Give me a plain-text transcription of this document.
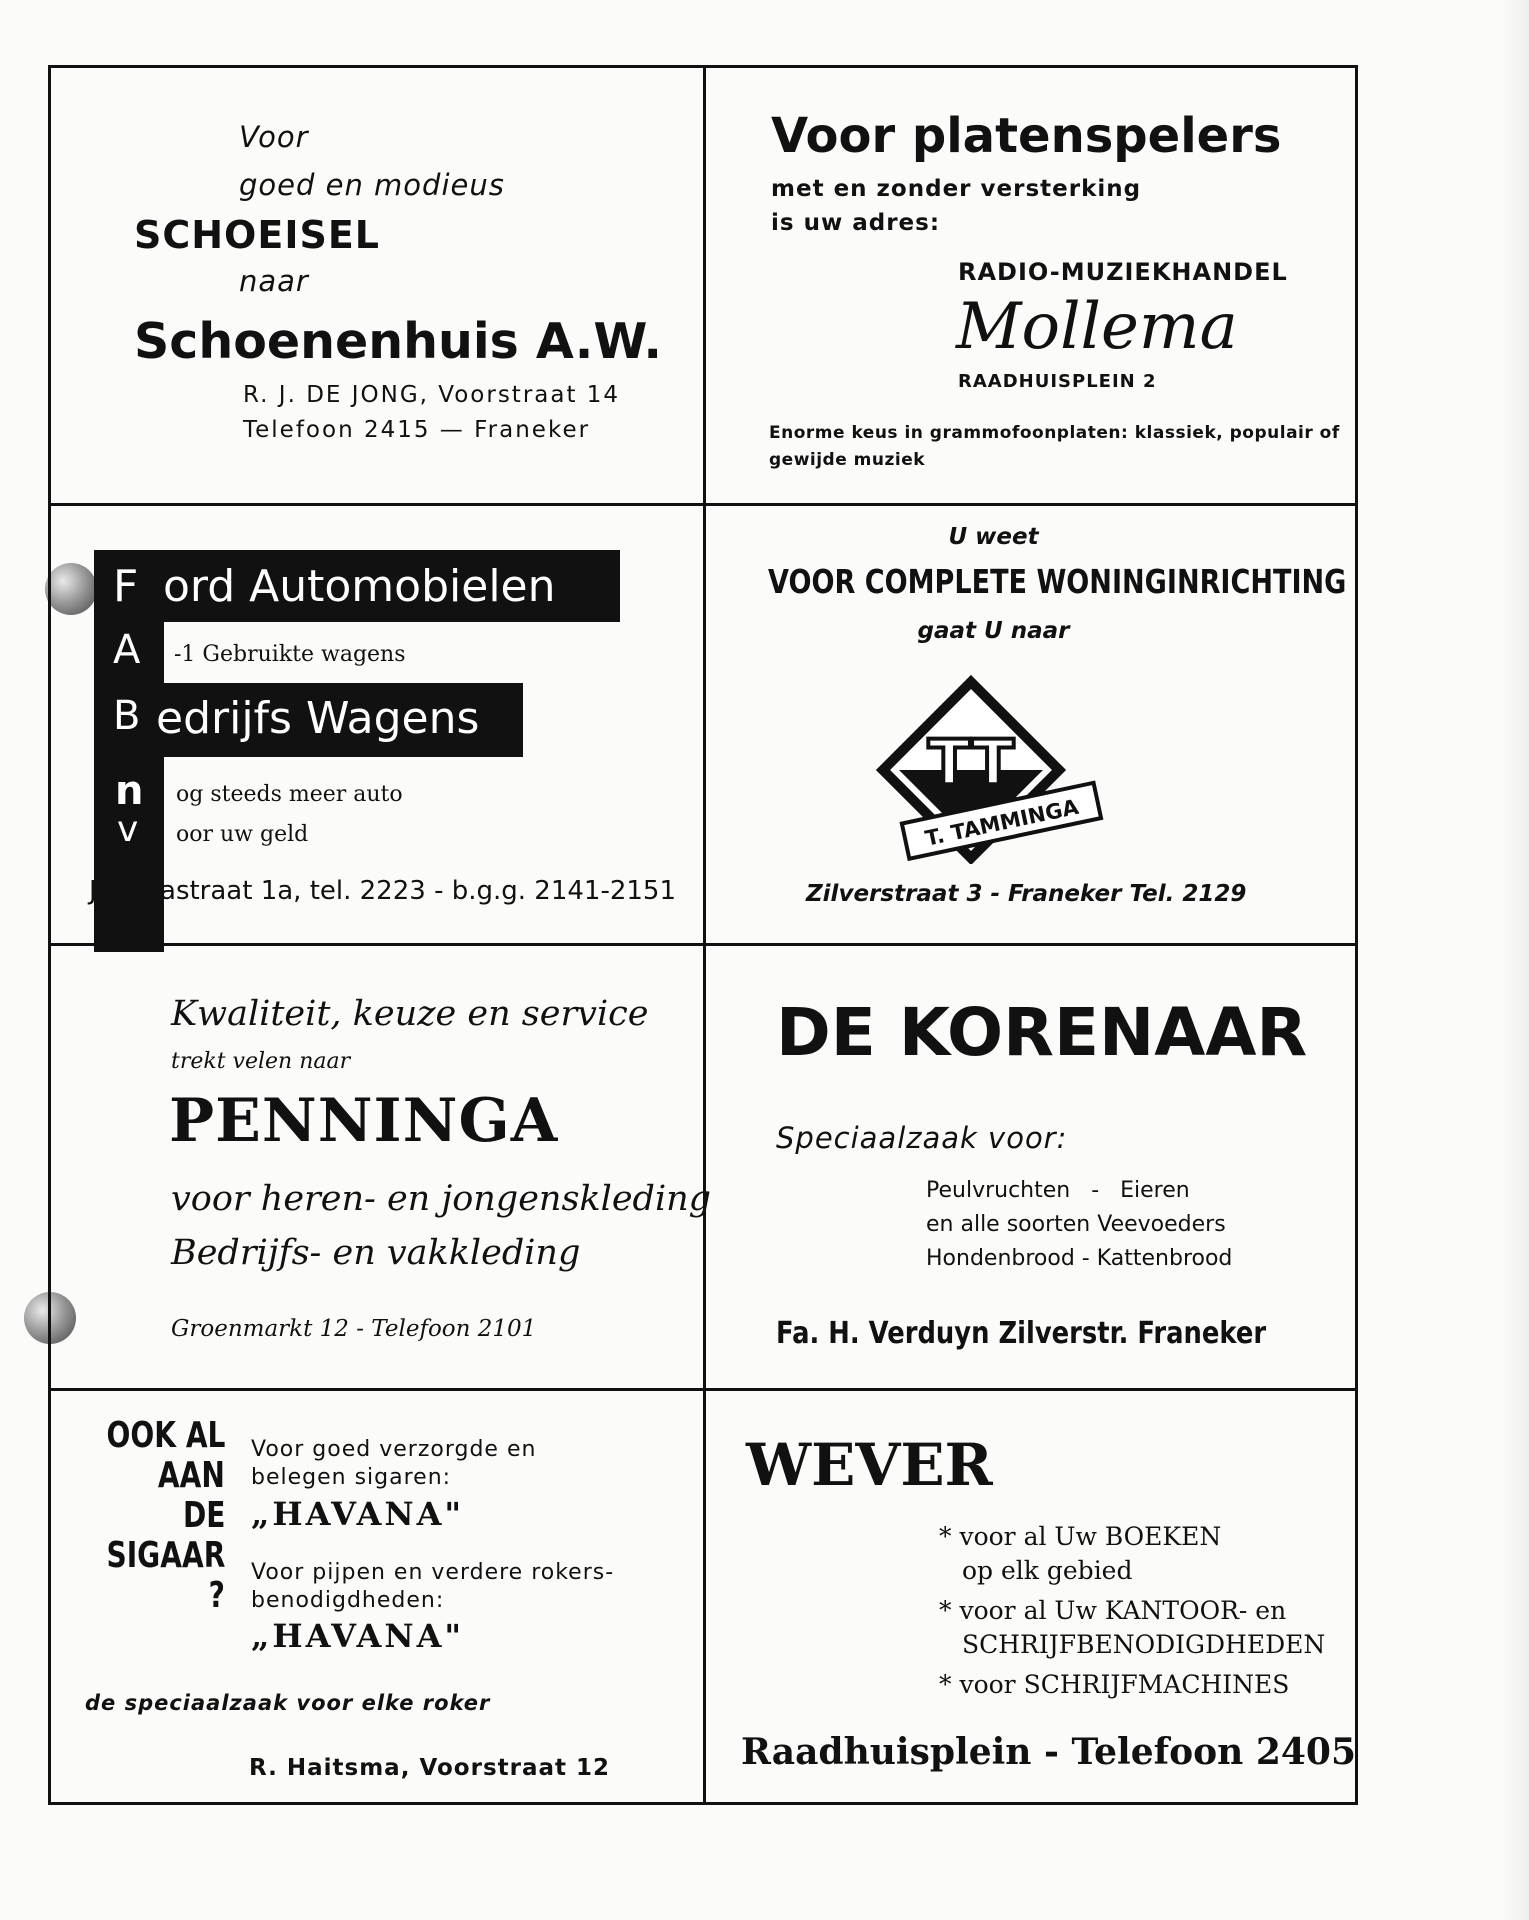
Voor
goed en modieus
SCHOEISEL
naar
Schoenenhuis A.W.
R. J. DE JONG, Voorstraat 14
Telefoon 2415 — Franeker
Voor platenspelers
met en zonder versterking
is uw adres:
RADIO-MUZIEKHANDEL
Mollema
RAADHUISPLEIN 2
Enorme keus in grammofoonplaten: klassiek, populair of
gewijde muziek
F ord Automobielen
A -1 Gebruikte wagens
B edrijfs Wagens
n og steeds meer auto
v oor uw geld
Julianastraat 1a, tel. 2223 - b.g.g. 2141-2151
U weet
VOOR COMPLETE WONINGINRICHTING
gaat U naar
TT
T. TAMMINGA
Zilverstraat 3 - Franeker Tel. 2129
Kwaliteit, keuze en service
trekt velen naar
PENNINGA
voor heren- en jongenskleding
Bedrijfs- en vakkleding
Groenmarkt 12 - Telefoon 2101
DE KORENAAR
Speciaalzaak voor:
Peulvruchten   -   Eieren
en alle soorten Veevoeders
Hondenbrood - Kattenbrood
Fa. H. Verduyn Zilverstr. Franeker
OOK AL
AAN
DE
SIGAAR
?
Voor goed verzorgde en
belegen sigaren:
„HAVANA"
Voor pijpen en verdere rokers-
benodigdheden:
„HAVANA"
de speciaalzaak voor elke roker
R. Haitsma, Voorstraat 12
WEVER
* voor al Uw BOEKEN
op elk gebied
* voor al Uw KANTOOR- en
SCHRIJFBENODIGDHEDEN
* voor SCHRIJFMACHINES
Raadhuisplein - Telefoon 2405
